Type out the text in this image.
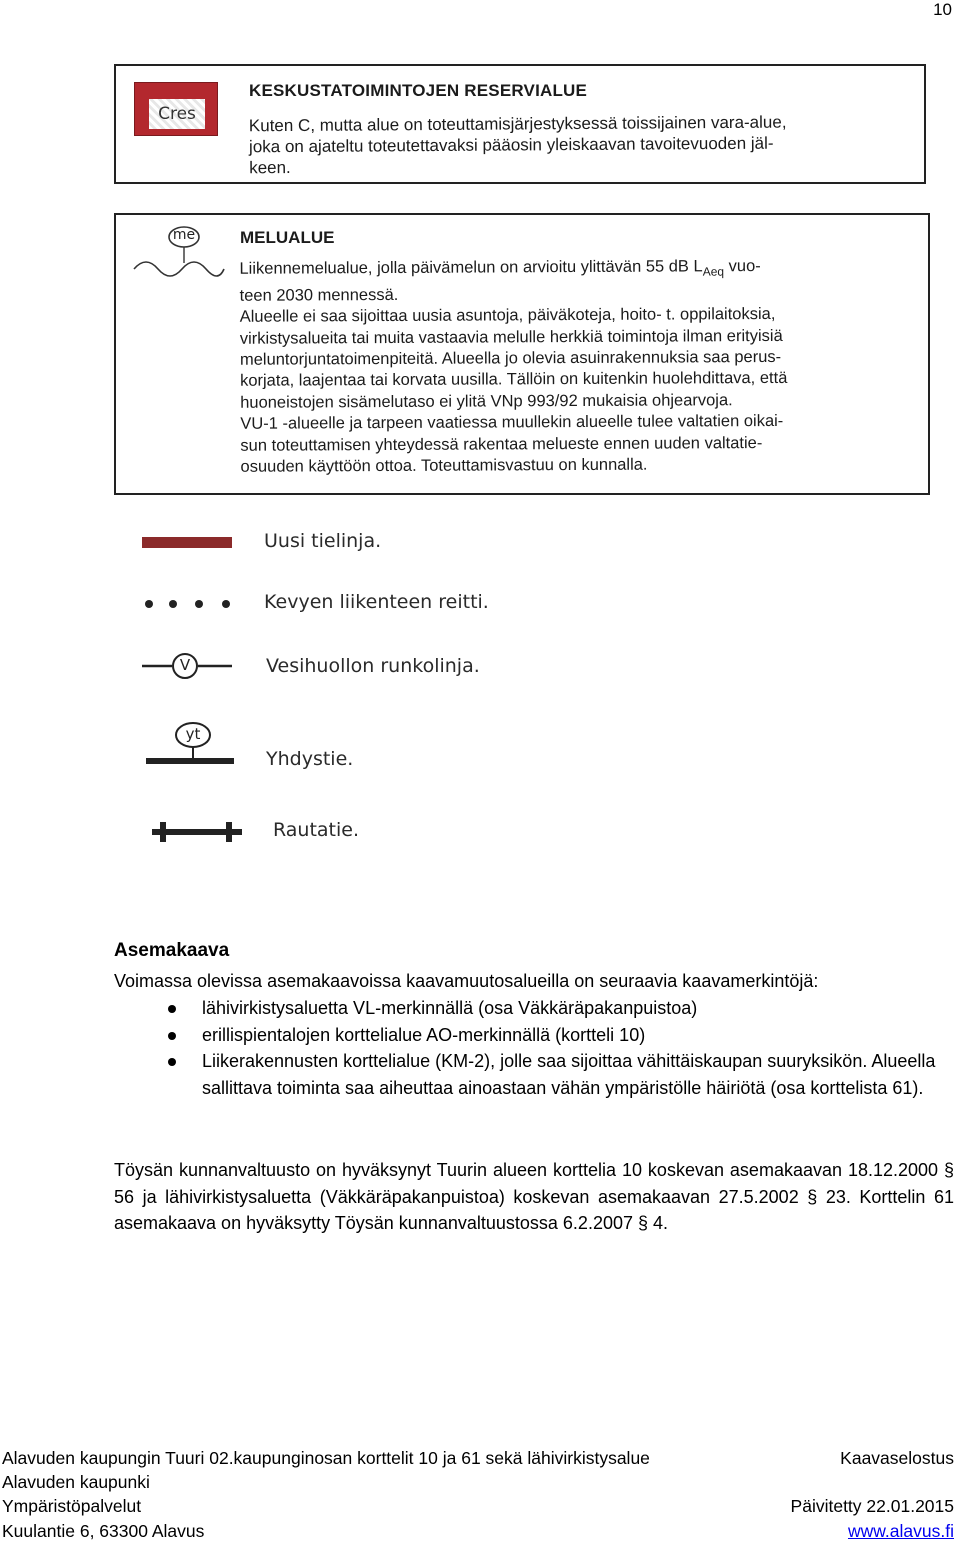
10
Cres
KESKUSTATOIMINTOJEN RESERVIALUE
Kuten C, mutta alue on toteuttamisjärjestyksessä toissijainen vara-alue,
joka on ajateltu toteutettavaksi pääosin yleiskaavan tavoitevuoden jäl-
keen.
me	MELUALUE
Liikennemelualue, jolla päivämelun on arvioitu ylittävän 55 dB $L_{Aeq}$ vuo-
teen 2030 mennessä.
Alueelle ei saa sijoittaa uusia asuntoja, päiväkoteja, hoito- t. oppilaitoksia,
virkistysalueita tai muita vastaavia melulle herkkiä toimintoja ilman erityisiä
meluntorjuntatoimenpiteitä. Alueella jo olevia asuinrakennuksia saa perus-
korjata, laajentaa tai korvata uusilla. Tällöin on kuitenkin huolehdittava, että
huoneistojen sisämelutaso ei ylitä VNp 993/92 mukaisia ohjearvoja.
VU-1 -alueelle ja tarpeen vaatiessa muullekin alueelle tulee valtatien oikai-
sun toteuttamisen yhteydessä rakentaa melueste ennen uuden valtatie-
osuuden käyttöön ottoa. Toteuttamisvastuu on kunnalla.
Uusi tielinja.
Kevyen liikenteen reitti.
V	Vesihuollon runkolinja.
yt
Yhdystie.
Rautatie.
Asemakaava
Voimassa olevissa asemakaavoissa kaavamuutosalueilla on seuraavia kaavamerkintöjä:
lähivirkistysaluetta VL-merkinnällä (osa Väkkäräpakanpuistoa)
erillispientalojen korttelialue AO-merkinnällä (kortteli 10)
Liikerakennusten korttelialue (KM-2), jolle saa sijoittaa vähittäiskaupan suuryksikön. Alueella sallittava toiminta saa aiheuttaa ainoastaan vähän ympäristölle häiriötä (osa korttelista 61).

Töysän kunnanvaltuusto on hyväksynyt Tuurin alueen korttelia 10 koskevan asemakaavan 18.12.2000 § 56 ja lähivirkistysaluetta (Väkkäräpakanpuistoa) koskevan asemakaavan 27.5.2002 § 23. Korttelin 61 asemakaava on hyväksytty Töysän kunnanvaltuustossa 6.2.2007 § 4.

Alavuden kaupungin Tuuri 02.kaupunginosan korttelit 10 ja 61 sekä lähivirkistysalue	Kaavaselostus
Alavuden kaupunki
Ympäristöpalvelut	Päivitetty 22.01.2015
Kuulantie 6, 63300 Alavus	www.alavus.fi
